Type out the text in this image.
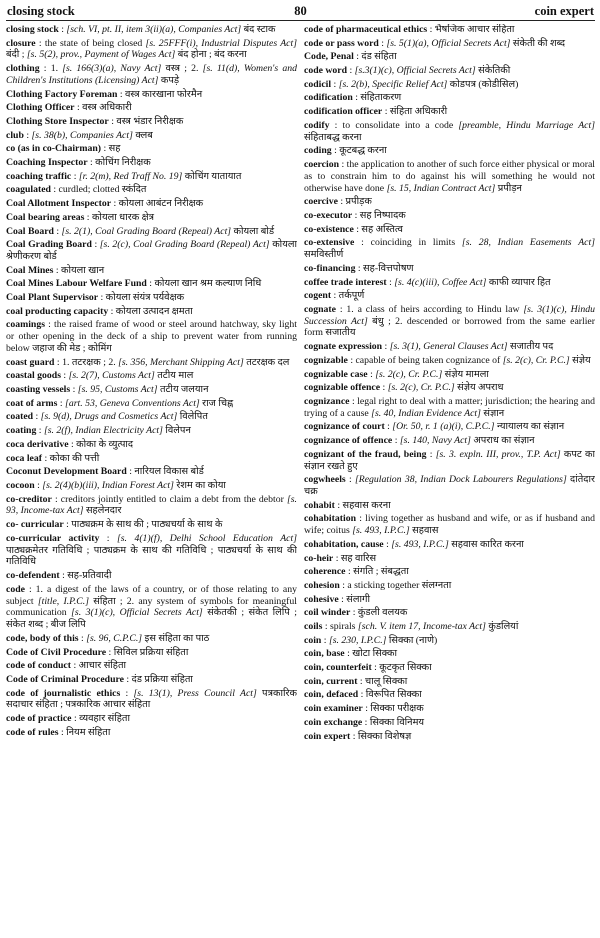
closing stock	80	coin expert
closing stock : [sch. VI, pt. II, item 3(ii)(a), Companies Act] बंद स्टाक
closure : the state of being closed [s. 25FFF(i), Industrial Disputes Act] बंदी ; [s. 5(2), prov., Payment of Wages Act] बंद होना ; बंद करना
clothing : 1. [s. 166(3)(a), Navy Act] वस्त्र ; 2. [s. 11(d), Women's and Children's Institutions (Licensing) Act] कपड़े
Clothing Factory Foreman : वस्त्र कारखाना फोरमैन
Clothing Officer : वस्त्र अधिकारी
Clothing Store Inspector : वस्त्र भंडार निरीक्षक
club : [s. 38(b), Companies Act] क्लब
co (as in co-Chairman) : सह
Coaching Inspector : कोचिंग निरीक्षक
coaching traffic : [r. 2(m), Red Traff No. 19] कोचिंग यातायात
coagulated : curdled; clotted स्कंदित
Coal Allotment Inspector : कोयला आबंटन निरीक्षक
Coal bearing areas : कोयला धारक क्षेत्र
Coal Board : [s. 2(1), Coal Grading Board (Repeal) Act] कोयला बोर्ड
Coal Grading Board : [s. 2(c), Coal Grading Board (Repeal) Act] कोयला श्रेणीकरण बोर्ड
Coal Mines : कोयला खान
Coal Mines Labour Welfare Fund : कोयला खान श्रम कल्याण निधि
Coal Plant Supervisor : कोयला संयंत्र पर्यवेक्षक
coal producting capacity : कोयला उत्पादन क्षमता
coamings : the raised frame of wood or steel around hatchway, sky light or other opening in the deck of a ship to prevent water from running below जहाज की मेड ; कोमिंग
coast guard : 1. तटरक्षक ; 2. [s. 356, Merchant Shipping Act] तटरक्षक दल
coastal goods : [s. 2(7), Customs Act] तटीय माल
coasting vessels : [s. 95, Customs Act] तटीय जलयान
coat of arms : [art. 53, Geneva Conventions Act] राज चिह्न
coated : [s. 9(d), Drugs and Cosmetics Act] विलेपित
coating : [s. 2(f), Indian Electricity Act] विलेपन
coca derivative : कोका के व्युत्पाद
coca leaf : कोका की पत्ती
Coconut Development Board : नारियल विकास बोर्ड
cocoon : [s. 2(4)(b)(iii), Indian Forest Act] रेशम का कोया
co-creditor : creditors jointly entitled to claim a debt from the debtor [s. 93, Income-tax Act] सहलेनदार
co- curricular : पाठ्यक्रम के साथ की ; पाठ्यचर्या के साथ के
co-curricular activity : [s. 4(1)(f), Delhi School Education Act] पाठ्यक्रमेतर गतिविधि ; पाठ्यक्रम के साथ की गतिविधि ; पाठ्यचर्या के साथ की गतिविधि
co-defendent : सह-प्रतिवादी
code : 1. a digest of the laws of a country, or of those relating to any subject [title, I.P.C.] संहिता ; 2. any system of symbols for meaningful communication [s. 3(1)(c), Official Secrets Act] संकेतकी ; संकेत लिपि ; संकेत शब्द ; बीज लिपि
code, body of this : [s. 96, C.P.C.] इस संहिता का पाठ
Code of Civil Procedure : सिविल प्रक्रिया संहिता
code of conduct : आचार संहिता
Code of Criminal Procedure : दंड प्रक्रिया संहिता
code of journalistic ethics : [s. 13(1), Press Council Act] पत्रकारिक सदाचार संहिता ; पत्रकारिक आचार संहिता
code of practice : व्यवहार संहिता
code of rules : नियम संहिता
code of pharmaceutical ethics : भैषजिक आचार संहिता
code or pass word : [s. 5(1)(a), Official Secrets Act] संकेती की शब्द
Code, Penal : दंड संहिता
code word : [s.3(1)(c), Official Secrets Act] संकेतिकी
codicil : [s. 2(b), Specific Relief Act] कोडपत्र (कोडीसिल)
codification : संहिताकरण
codification officer : संहिता अधिकारी
codify : to consolidate into a code [preamble, Hindu Marriage Act] संहिताबद्ध करना
coding : कूटबद्ध करना
coercion : the application to another of such force either physical or moral as to constrain him to do against his will something he would not otherwise have done [s. 15, Indian Contract Act] प्रपीड़न
coercive : प्रपीड़क
co-executor : सह निष्पादक
co-existence : सह अस्तित्व
co-extensive : coinciding in limits [s. 28, Indian Easements Act] समविस्तीर्ण
co-financing : सह-वित्तपोषण
coffee trade interest : [s. 4(c)(iii), Coffee Act] काफी व्यापार हित
cogent : तर्कपूर्ण
cognate : 1. a class of heirs according to Hindu law [s. 3(1)(c), Hindu Succession Act] बंधु ; 2. descended or borrowed from the same earlier form सजातीय
cognate expression : [s. 3(1), General Clauses Act] सजातीय पद
cognizable : capable of being taken cognizance of [s. 2(c), Cr. P.C.] संज्ञेय
cognizable case : [s. 2(c), Cr. P.C.] संज्ञेय मामला
cognizable offence : [s. 2(c), Cr. P.C.] संज्ञेय अपराध
cognizance : legal right to deal with a matter; jurisdiction; the hearing and trying of a cause [s. 40, Indian Evidence Act] संज्ञान
cognizance of court : [Or. 50, r. 1 (a)(i), C.P.C.] न्यायालय का संज्ञान
cognizance of offence : [s. 140, Navy Act] अपराध का संज्ञान
cognizant of the fraud, being : [s. 3. expln. III, prov., T.P. Act] कपट का संज्ञान रखते हुए
cogwheels : [Regulation 38, Indian Dock Labourers Regulations] दांतेदार चक्र
cohabit : सहवास करना
cohabitation : living together as husband and wife, or as if husband and wife; coitus [s. 493, I.P.C.] सहवास
cohabitation, cause : [s. 493, I.P.C.] सहवास कारित करना
co-heir : सह वारिस
coherence : संगति ; संबद्धता
cohesion : a sticking together संलग्नता
cohesive : संलागी
coil winder : कुंडली वलयक
coils : spirals [sch. V. item 17, Income-tax Act] कुंडलियां
coin : [s. 230, I.P.C.] सिक्का (नाणे)
coin, base : खोटा सिक्का
coin, counterfeit : कूटकृत सिक्का
coin, current : चालू सिक्का
coin, defaced : विरूपित सिक्का
coin examiner : सिक्का परीक्षक
coin exchange : सिक्का विनिमय
coin expert : सिक्का विशेषज्ञ
